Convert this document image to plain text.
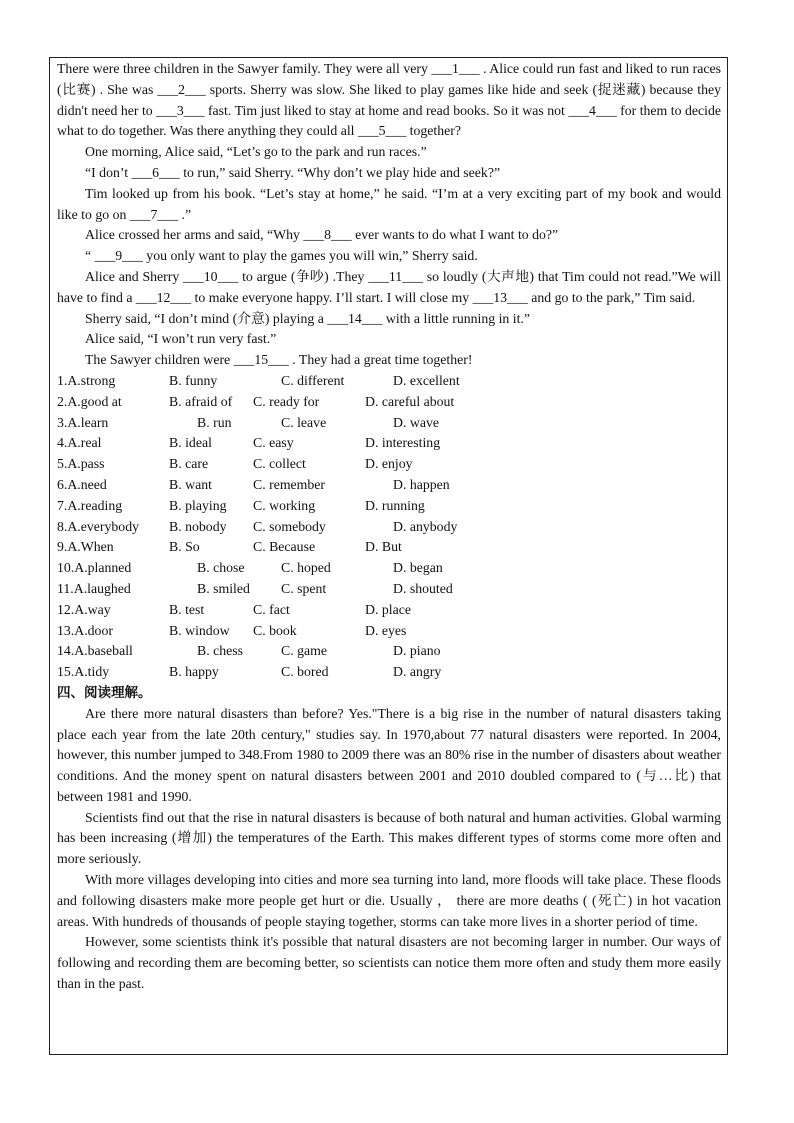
There were three children in the Sawyer family. They were all very ___1___ . Alice could run fast and liked to run races (比赛) . She was ___2___ sports. Sherry was slow. She liked to play games like hide and seek (捉迷藏) because they didn't need her to ___3___ fast. Tim just liked to stay at home and read books. So it was not ___4___ for them to decide what to do together. Was there anything they could all ___5___ together?

One morning, Alice said, “Let’s go to the park and run races.”

“I don’t ___6___ to run,” said Sherry. “Why don’t we play hide and seek?”

Tim looked up from his book. “Let’s stay at home,” he said. “I’m at a very exciting part of my book and would like to go on ___7___ .”

Alice crossed her arms and said, “Why ___8___ ever wants to do what I want to do?”

“ ___9___ you only want to play the games you will win,” Sherry said.

Alice and Sherry ___10___ to argue (争吵) .They ___11___ so loudly (大声地) that Tim could not read.”We will have to find a ___12___ to make everyone happy. I’ll start. I will close my ___13___ and go to the park,” Tim said.

Sherry said, “I don’t mind (介意) playing a ___14___ with a little running in it.”

Alice said, “I won’t run very fast.”

The Sawyer children were ___15___ . They had a great time together!

1.A.strong	B. funny	C. different	D. excellent
2.A.good at	B. afraid of	C. ready for	D. careful about
3.A.learn	B. run	C. leave	D. wave
4.A.real	B. ideal	C. easy	D. interesting
5.A.pass	B. care	C. collect	D. enjoy
6.A.need	B. want	C. remember	D. happen
7.A.reading	B. playing	C. working	D. running
8.A.everybody	B. nobody	C. somebody	D. anybody
9.A.When	B. So	C. Because	D. But
10.A.planned	B. chose	C. hoped	D. began
11.A.laughed	B. smiled	C. spent	D. shouted
12.A.way	B. test	C. fact	D. place
13.A.door	B. window	C. book	D. eyes
14.A.baseball	B. chess	C. game	D. piano
15.A.tidy	B. happy	C. bored	D. angry

四、阅读理解。

Are there more natural disasters than before? Yes."There is a big rise in the number of natural disasters taking place each year from the late 20th century," studies say. In 1970,about 77 natural disasters were reported. In 2004, however, this number jumped to 348.From 1980 to 2009 there was an 80% rise in the number of disasters about weather conditions. And the money spent on natural disasters between 2001 and 2010 doubled compared to (与…比) that between 1981 and 1990.

Scientists find out that the rise in natural disasters is because of both natural and human activities. Global warming has been increasing (增加) the temperatures of the Earth. This makes different types of storms come more often and more seriously.

With more villages developing into cities and more sea turning into land, more floods will take place. These floods and following disasters make more people get hurt or die. Usually ， there are more deaths ( (死亡) in hot vacation areas. With hundreds of thousands of people staying together, storms can take more lives in a shorter period of time.

However, some scientists think it's possible that natural disasters are not becoming larger in number. Our ways of following and recording them are becoming better, so scientists can notice them more often and study them more easily than in the past.
